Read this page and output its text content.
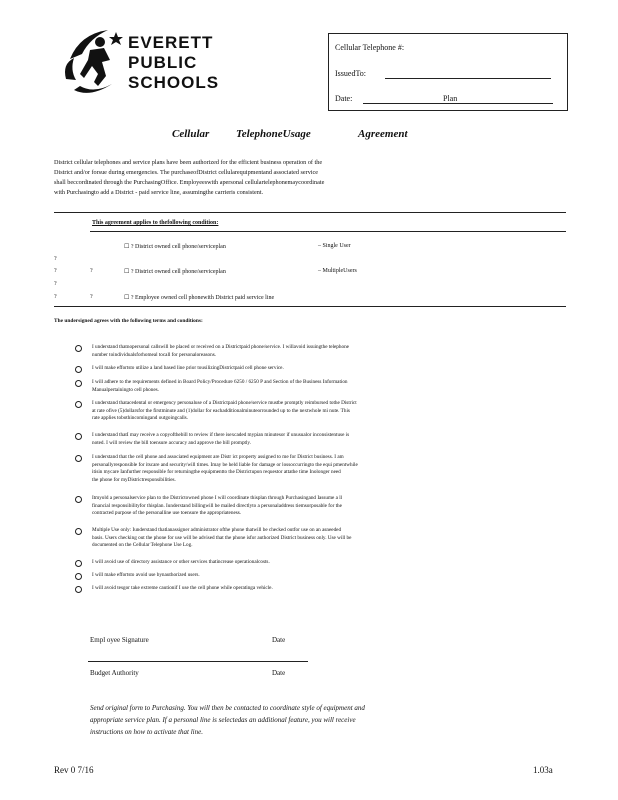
EVERETT
PUBLIC
SCHOOLS
Cellular Telephone #:
IssuedTo:
Date:	Plan
Cellular TelephoneUsage	Agreement
District cellular telephones and service plans have been authorized for the efficient business operation of the
District and/or forsue during emergencies. The purchaseofDistrict cellularequipmentand associated service
shall beccordinated through the PurchasingOffice. Employeeswith apersonal cellulartelephonemaycoordinate
with Purchasingto add a District - paid service line, assumingthe carrieris consistent.
This agreement applies to thefollowing condition:
☐ ? District owned cell phone/serviceplan	– Single User
?
?	?	☐ ? District owned cell phone/serviceplan	– MultipleUsers
?
?	?	☐ ? Employee owned cell phonewith District paid service line
The undersigned agrees with the following terms and conditions:
I understand thatnopersonal callswill be placed or received on a Districtpaid phone/service. I willavoid issuingthe telephone
number toindividualsforhomeal tocall for personaloreasons.
I will make effortsto utilize a land based line prior tousilizingDistrictpaid cell phone service.
I will adhere to the requirements defined in Board Policy/Procedure 6250 / 6250 P and Section of the Business Information
Manualpertainingto cell phones.
I understand thatacedental or emergency personaluse of a Districtpaid phone/service mustbe promptly reimbursed tothe District
at rate ofive (5)dollarsfor the firstminute and (1)dollar for eachadditionalminuteorrounded up to the nextwhole mi nute. This
rate applies tobothincomingand outgoingcalls.
I understand thatI may receive a copyofthebill to review if there isexcaded mypian minutesor if unusualor inconsistentuse is
noted. I will review the bill toensure accuracy and approve the bill promptly.
I understand that the cell phone and associated equipment are Distr ict property assigned to me for District business. I am
personallyresponsible for itscare and security/will times. Imay be held liable for damage or lossoccurringto the equi pmentwhile
itisin mycare Ianfurther responsible for returningthe equipmentto the Districtupon requestor attathe time Inolonger need
the phone for myDistrictresponsibilities.
Itmyold a personalservice plan to the Districtowned phone I will coordinate thisplan through Purchasingand Iassume a ll
financial responsibilityfor thisplan. Iunderstand billingwill be mailed directlyto a personaladdress tiemsorposable for the
contracted purpose of the personalline use toensure the appropriateness.
Multiple Use only: Iunderstand thatlanassigner administrator ofthe phone thatwill be checked outfor use on an asneeded
basis. Users checking out the phone for use will be advised that the phone isfor authorized District business only. Use will be
documented on the Cellular Telephone Use Log.
I will avoid use of directory assistance or other services thatincrease operationalcosts.
I will make effortsto avoid use bynauthorized users.
I will avoid tesgor take extreme cautionif I use the cell phone while operatinga vehicle.
Empl oyee Signature	Date
Budget Authority	Date
Send original form to Purchasing. You will then be contacted to coordinate style of equipment and
appropriate service plan. If a personal line is selectedas an additional feature, you will receive
instructions on how to activate that line.
Rev 0 7/16	1.03a
